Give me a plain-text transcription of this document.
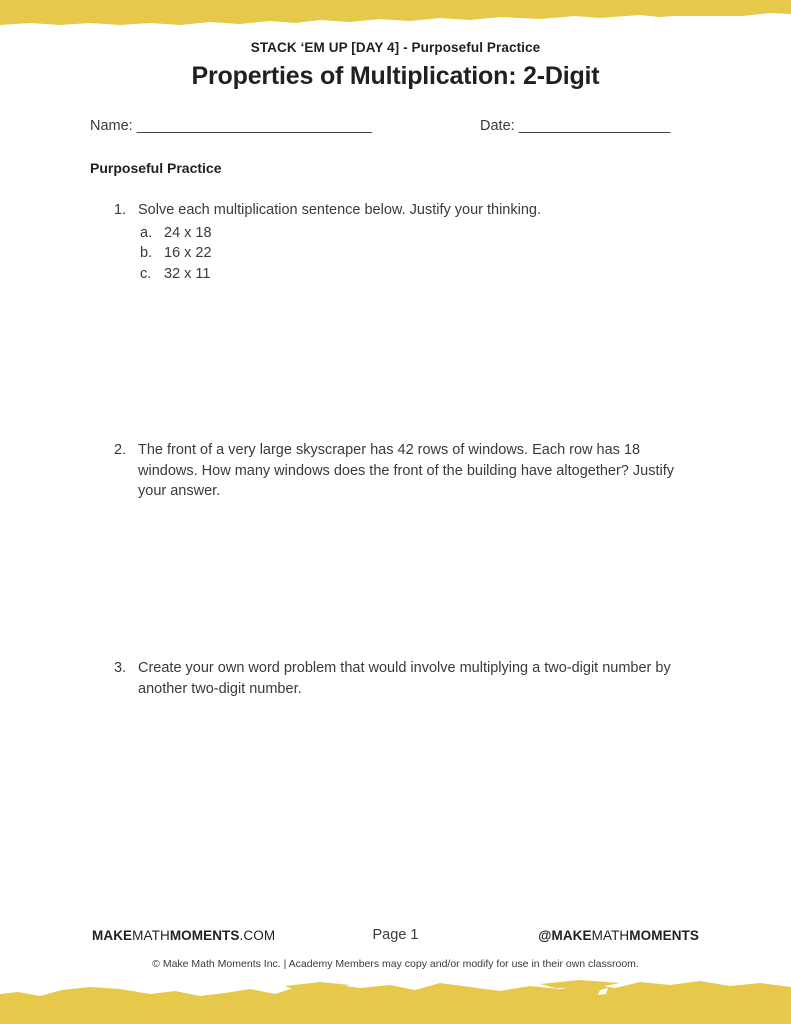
STACK ‘EM UP [DAY 4] - Purposeful Practice
Properties of Multiplication: 2-Digit
Name: _______________________________	Date: ____________________
Purposeful Practice
1. Solve each multiplication sentence below. Justify your thinking.
a. 24 x 18
b. 16 x 22
c. 32 x 11
2. The front of a very large skyscraper has 42 rows of windows. Each row has 18 windows. How many windows does the front of the building have altogether? Justify your answer.
3. Create your own word problem that would involve multiplying a two-digit number by another two-digit number.
MAKEMATHMOMENTS.COM	Page 1	@MAKEMATHMOMENTS
© Make Math Moments Inc. | Academy Members may copy and/or modify for use in their own classroom.
